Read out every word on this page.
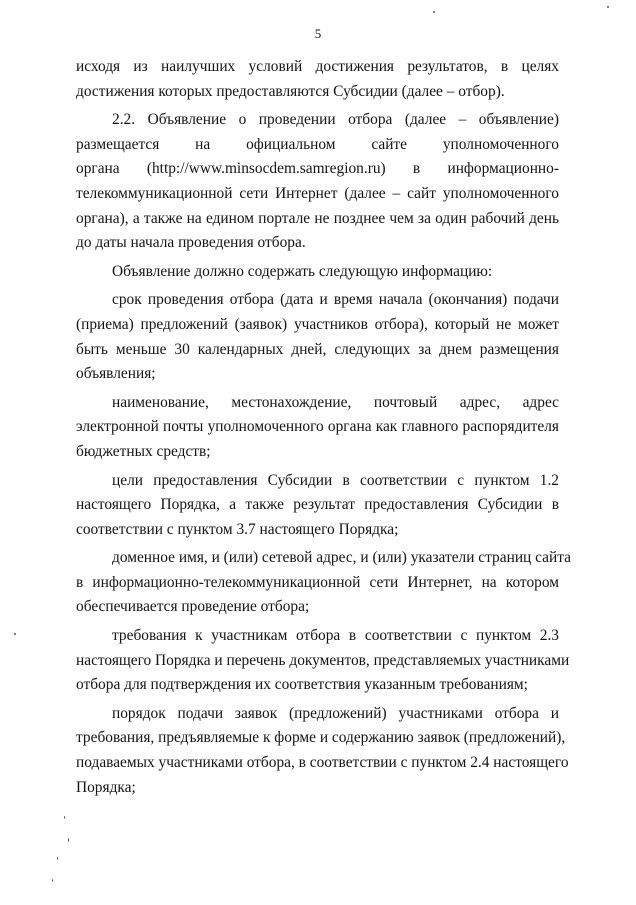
5
исходя из наилучших условий достижения результатов, в целях
достижения которых предоставляются Субсидии (далее – отбор).
2.2. Объявление о проведении отбора (далее – объявление)
размещается на официальном сайте уполномоченного
органа (http://www.minsocdem.samregion.ru) в информационно-
телекоммуникационной сети Интернет (далее – сайт уполномоченного
органа), а также на едином портале не позднее чем за один рабочий день
до даты начала проведения отбора.
Объявление должно содержать следующую информацию:
срок проведения отбора (дата и время начала (окончания) подачи
(приема) предложений (заявок) участников отбора), который не может
быть меньше 30 календарных дней, следующих за днем размещения
объявления;
наименование, местонахождение, почтовый адрес, адрес
электронной почты уполномоченного органа как главного распорядителя
бюджетных средств;
цели предоставления Субсидии в соответствии с пунктом 1.2
настоящего Порядка, а также результат предоставления Субсидии в
соответствии с пунктом 3.7 настоящего Порядка;
доменное имя, и (или) сетевой адрес, и (или) указатели страниц сайта
в информационно-телекоммуникационной сети Интернет, на котором
обеспечивается проведение отбора;
требования к участникам отбора в соответствии с пунктом 2.3
настоящего Порядка и перечень документов, представляемых участниками
отбора для подтверждения их соответствия указанным требованиям;
порядок подачи заявок (предложений) участниками отбора и
требования, предъявляемые к форме и содержанию заявок (предложений),
подаваемых участниками отбора, в соответствии с пунктом 2.4 настоящего
Порядка;
